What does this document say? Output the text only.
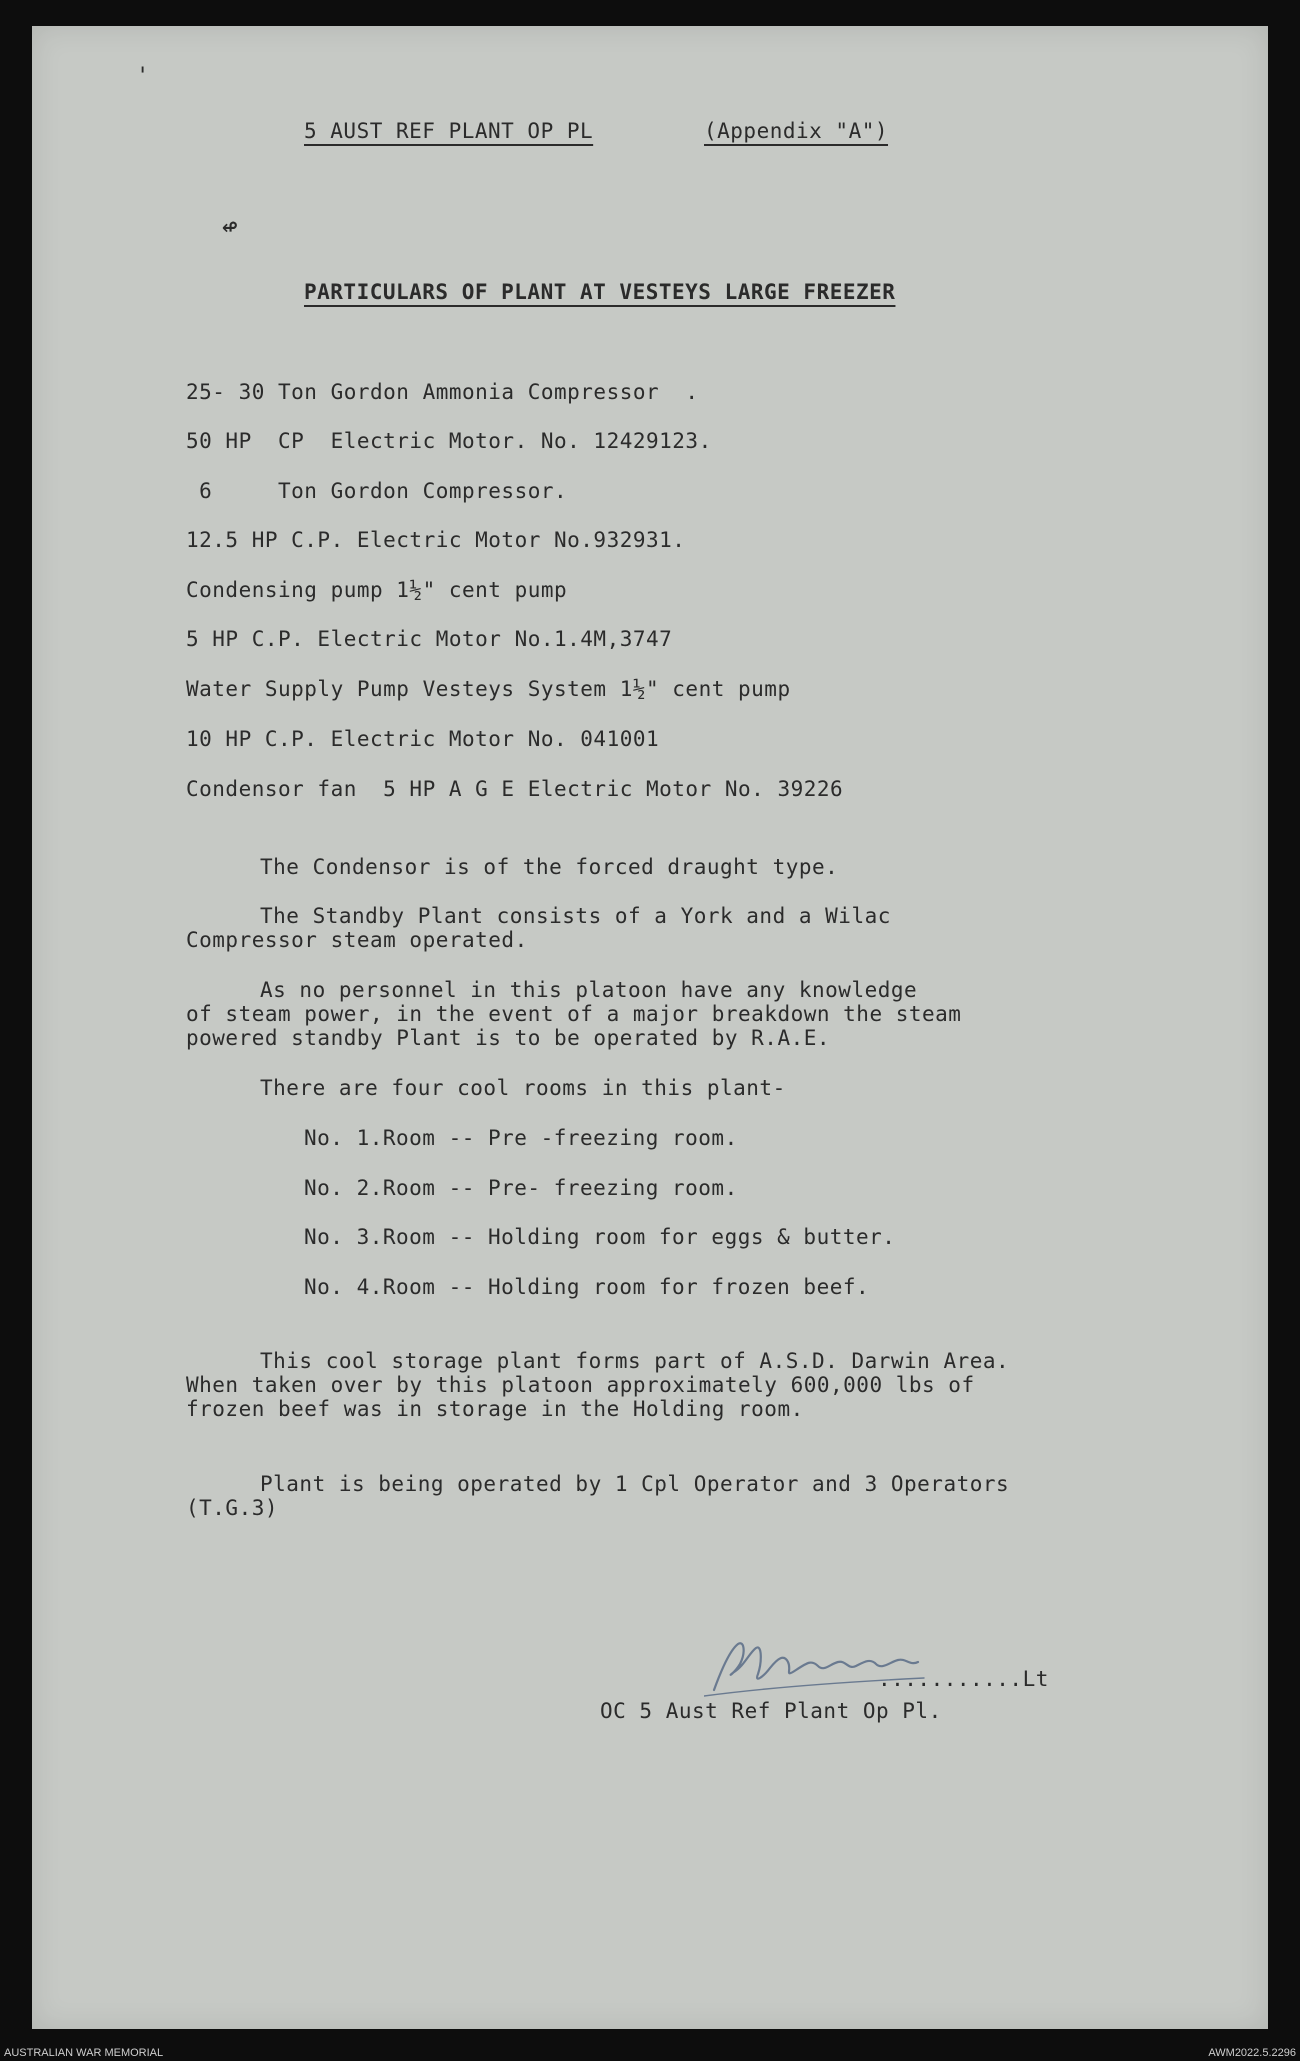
'
↫
5 AUST REF PLANT OP PL	(Appendix "A")
PARTICULARS OF PLANT AT VESTEYS LARGE FREEZER
25- 30 Ton Gordon Ammonia Compressor  .
50 HP  CP  Electric Motor. No. 12429123.
6     Ton Gordon Compressor.
12.5 HP C.P. Electric Motor No.932931.
Condensing pump 1½" cent pump
5 HP C.P. Electric Motor No.1.4M,3747
Water Supply Pump Vesteys System 1½" cent pump
10 HP C.P. Electric Motor No. 041001
Condensor fan  5 HP A G E Electric Motor No. 39226
The Condensor is of the forced draught type.
The Standby Plant consists of a York and a Wilac
Compressor steam operated.
As no personnel in this platoon have any knowledge
of steam power, in the event of a major breakdown the steam
powered standby Plant is to be operated by R.A.E.
There are four cool rooms in this plant-
No. 1.Room -- Pre -freezing room.
No. 2.Room -- Pre- freezing room.
No. 3.Room -- Holding room for eggs & butter.
No. 4.Room -- Holding room for frozen beef.
This cool storage plant forms part of A.S.D. Darwin Area.
When taken over by this platoon approximately 600,000 lbs of
frozen beef was in storage in the Holding room.
Plant is being operated by 1 Cpl Operator and 3 Operators
(T.G.3)
...........Lt
OC 5 Aust Ref Plant Op Pl.
AUSTRALIAN WAR MEMORIAL	AWM2022.5.2296
